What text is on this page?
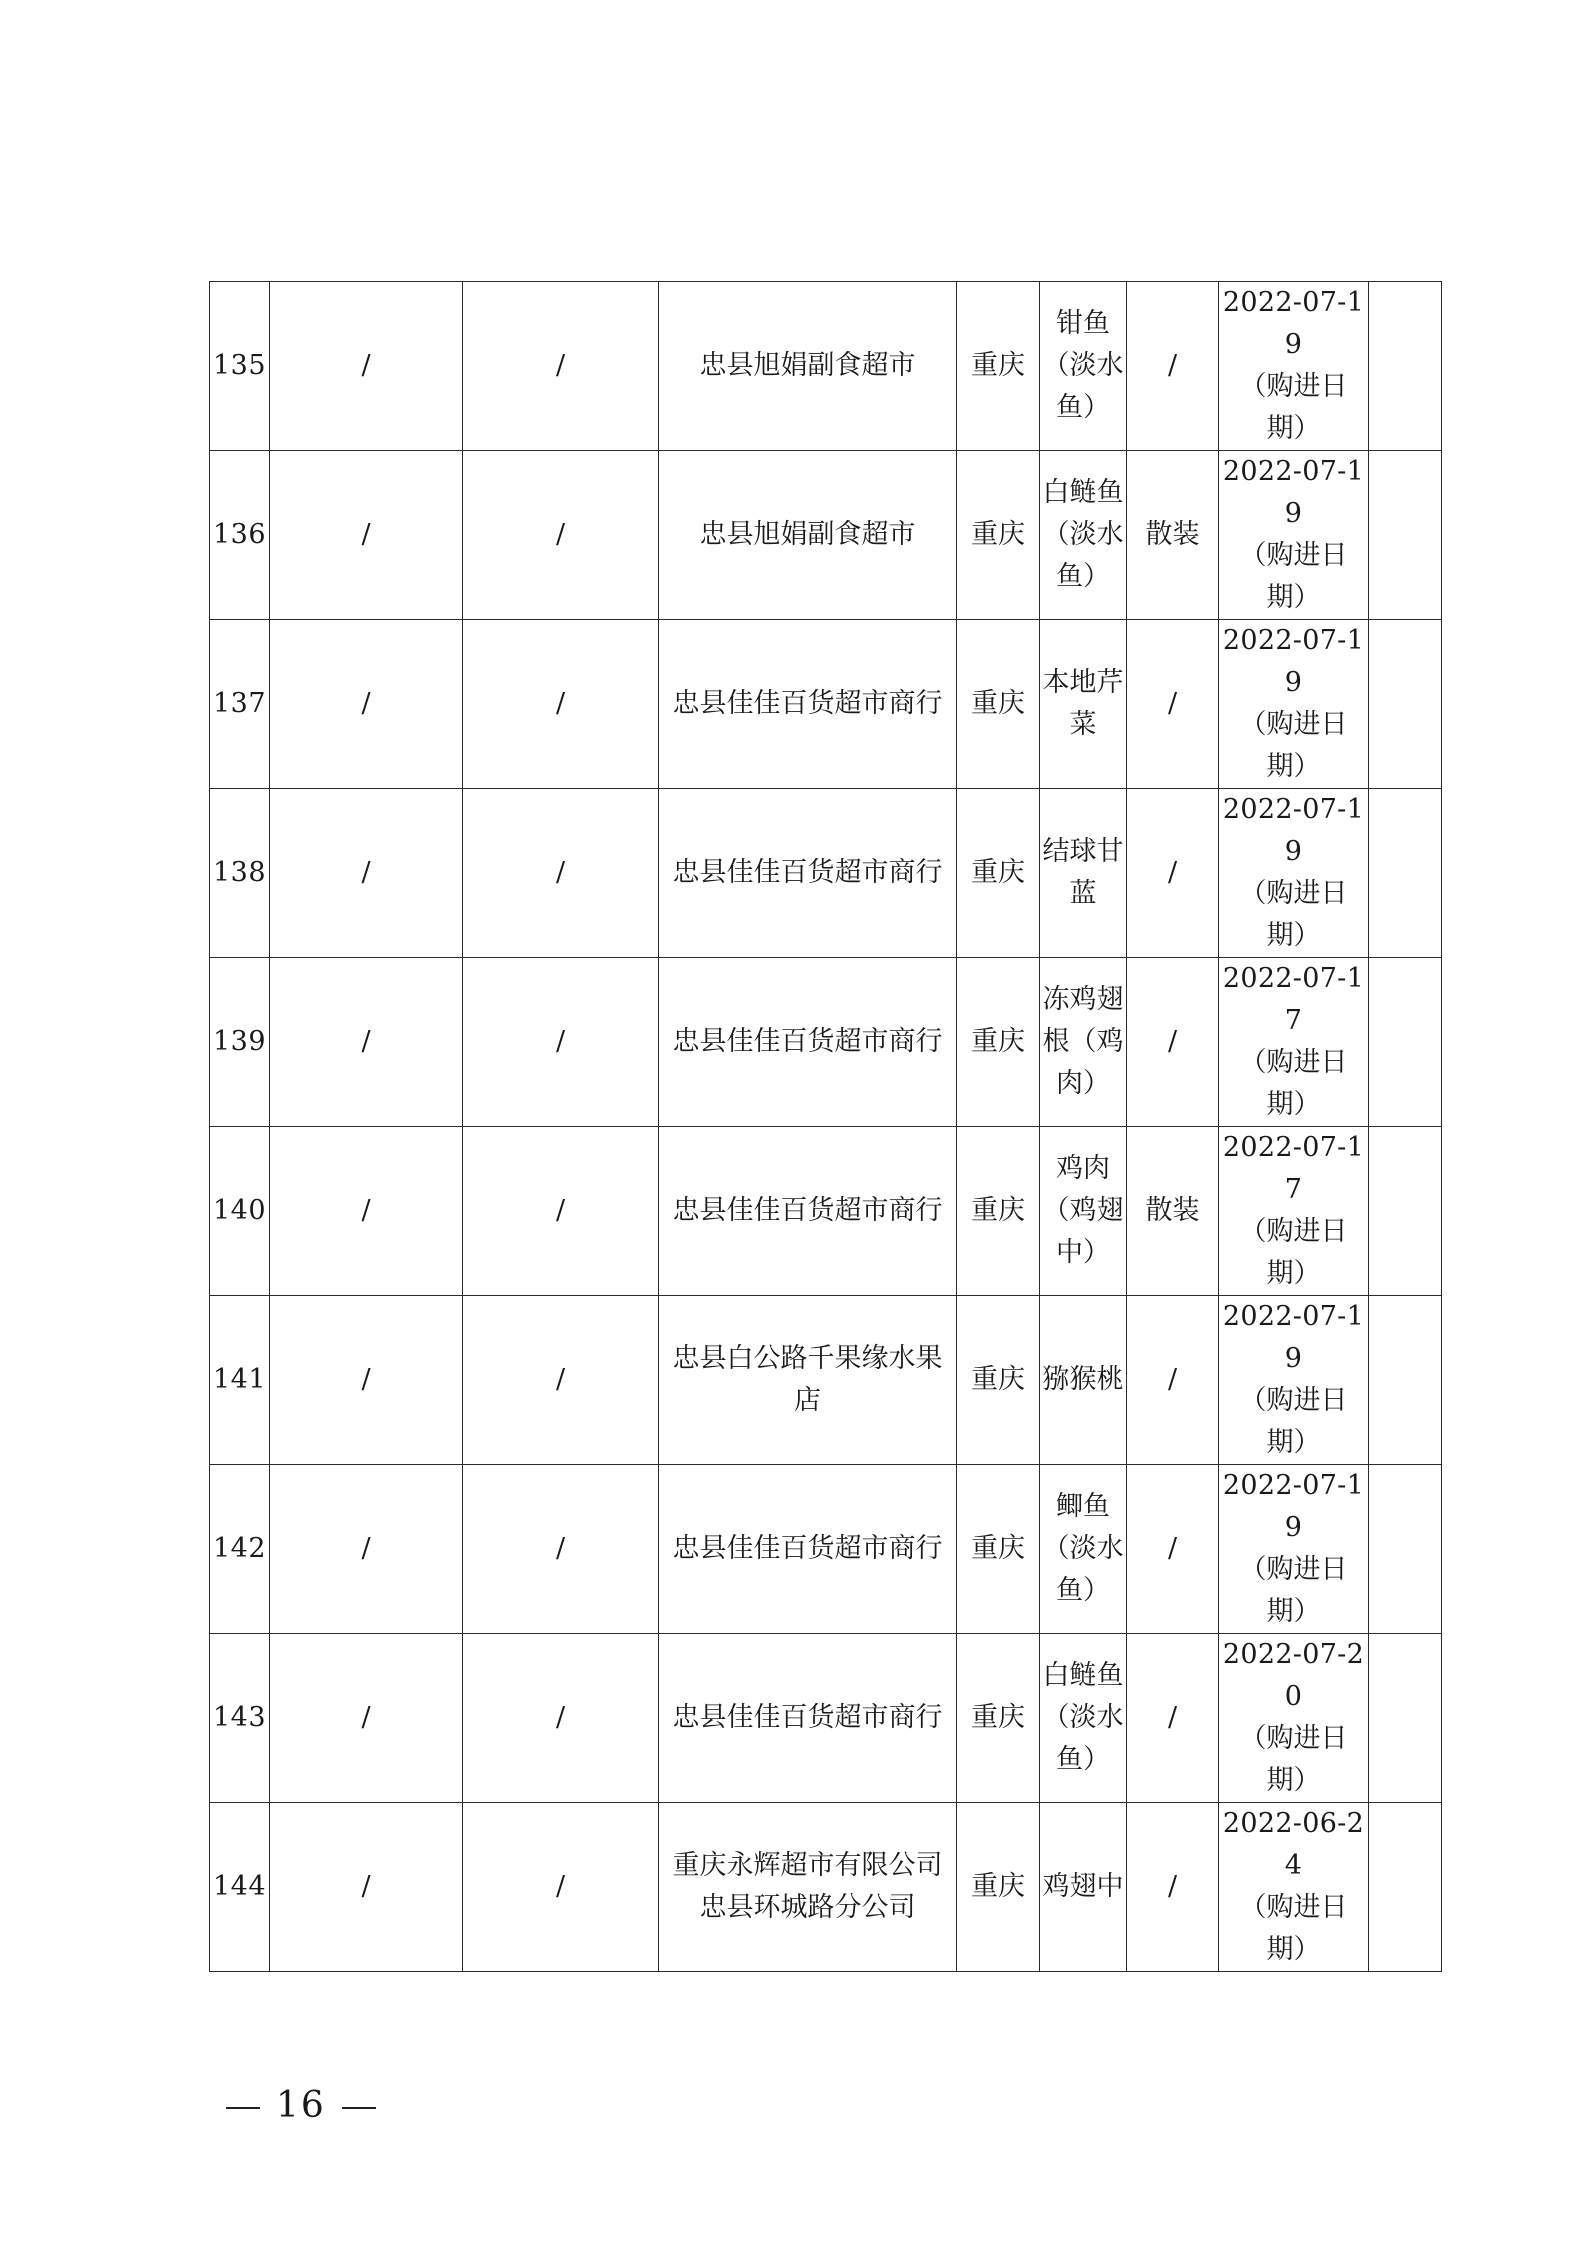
135	/	/	忠县旭娟副食超市	重庆	钳鱼（淡水鱼）	/	2022-07-19
（购进日期）	

136	/	/	忠县旭娟副食超市	重庆	白鲢鱼（淡水鱼）	散装	2022-07-19
（购进日期）	

137	/	/	忠县佳佳百货超市商行	重庆	本地芹菜	/	2022-07-19
（购进日期）	

138	/	/	忠县佳佳百货超市商行	重庆	结球甘蓝	/	2022-07-19
（购进日期）	

139	/	/	忠县佳佳百货超市商行	重庆	冻鸡翅根（鸡肉）	/	2022-07-17
（购进日期）	

140	/	/	忠县佳佳百货超市商行	重庆	鸡肉（鸡翅中）	散装	2022-07-17
（购进日期）	

141	/	/	忠县白公路千果缘水果店	重庆	猕猴桃	/	2022-07-19
（购进日期）	

142	/	/	忠县佳佳百货超市商行	重庆	鲫鱼（淡水鱼）	/	2022-07-19
（购进日期）	

143	/	/	忠县佳佳百货超市商行	重庆	白鲢鱼（淡水鱼）	/	2022-07-20
（购进日期）	

144	/	/	重庆永辉超市有限公司忠县环城路分公司	重庆	鸡翅中	/	2022-06-24
（购进日期）	

16
